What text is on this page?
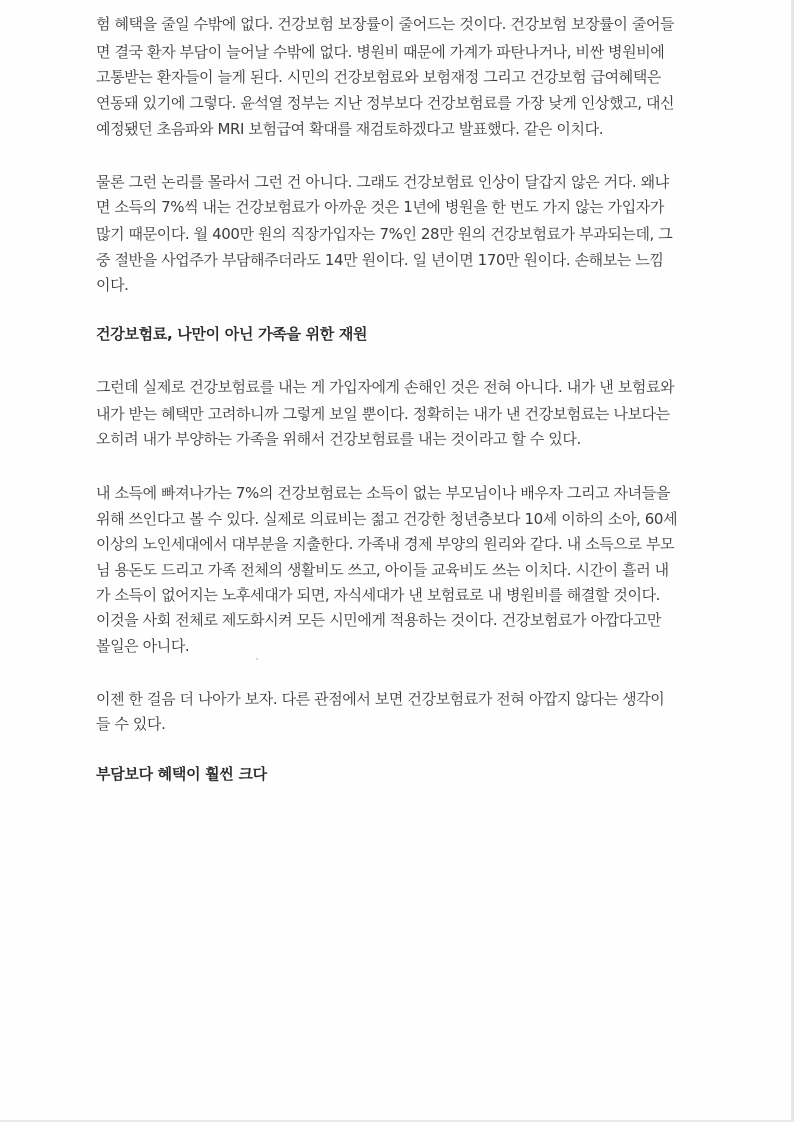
험 혜택을 줄일 수밖에 없다. 건강보험 보장률이 줄어드는 것이다. 건강보험 보장률이 줄어들
면 결국 환자 부담이 늘어날 수밖에 없다. 병원비 때문에 가계가 파탄나거나, 비싼 병원비에
고통받는 환자들이 늘게 된다. 시민의 건강보험료와 보험재정 그리고 건강보험 급여혜택은
연동돼 있기에 그렇다. 윤석열 정부는 지난 정부보다 건강보험료를 가장 낮게 인상했고, 대신
예정됐던 초음파와 MRI 보험급여 확대를 재검토하겠다고 발표했다. 같은 이치다.
물론 그런 논리를 몰라서 그런 건 아니다. 그래도 건강보험료 인상이 달갑지 않은 거다. 왜냐
면 소득의 7%씩 내는 건강보험료가 아까운 것은 1년에 병원을 한 번도 가지 않는 가입자가
많기 때문이다. 월 400만 원의 직장가입자는 7%인 28만 원의 건강보험료가 부과되는데, 그
중 절반을 사업주가 부담해주더라도 14만 원이다. 일 년이면 170만 원이다. 손해보는 느낌
이다.
건강보험료, 나만이 아닌 가족을 위한 재원
그런데 실제로 건강보험료를 내는 게 가입자에게 손해인 것은 전혀 아니다. 내가 낸 보험료와
내가 받는 혜택만 고려하니까 그렇게 보일 뿐이다. 정확히는 내가 낸 건강보험료는 나보다는
오히려 내가 부양하는 가족을 위해서 건강보험료를 내는 것이라고 할 수 있다.
내 소득에 빠져나가는 7%의 건강보험료는 소득이 없는 부모님이나 배우자 그리고 자녀들을
위해 쓰인다고 볼 수 있다. 실제로 의료비는 젊고 건강한 청년층보다 10세 이하의 소아, 60세
이상의 노인세대에서 대부분을 지출한다. 가족내 경제 부양의 원리와 같다. 내 소득으로 부모
님 용돈도 드리고 가족 전체의 생활비도 쓰고, 아이들 교육비도 쓰는 이치다. 시간이 흘러 내
가 소득이 없어지는 노후세대가 되면, 자식세대가 낸 보험료로 내 병원비를 해결할 것이다.
이것을 사회 전체로 제도화시켜 모든 시민에게 적용하는 것이다. 건강보험료가 아깝다고만
볼일은 아니다.
이젠 한 걸음 더 나아가 보자. 다른 관점에서 보면 건강보험료가 전혀 아깝지 않다는 생각이
들 수 있다.
부담보다 혜택이 훨씬 크다
